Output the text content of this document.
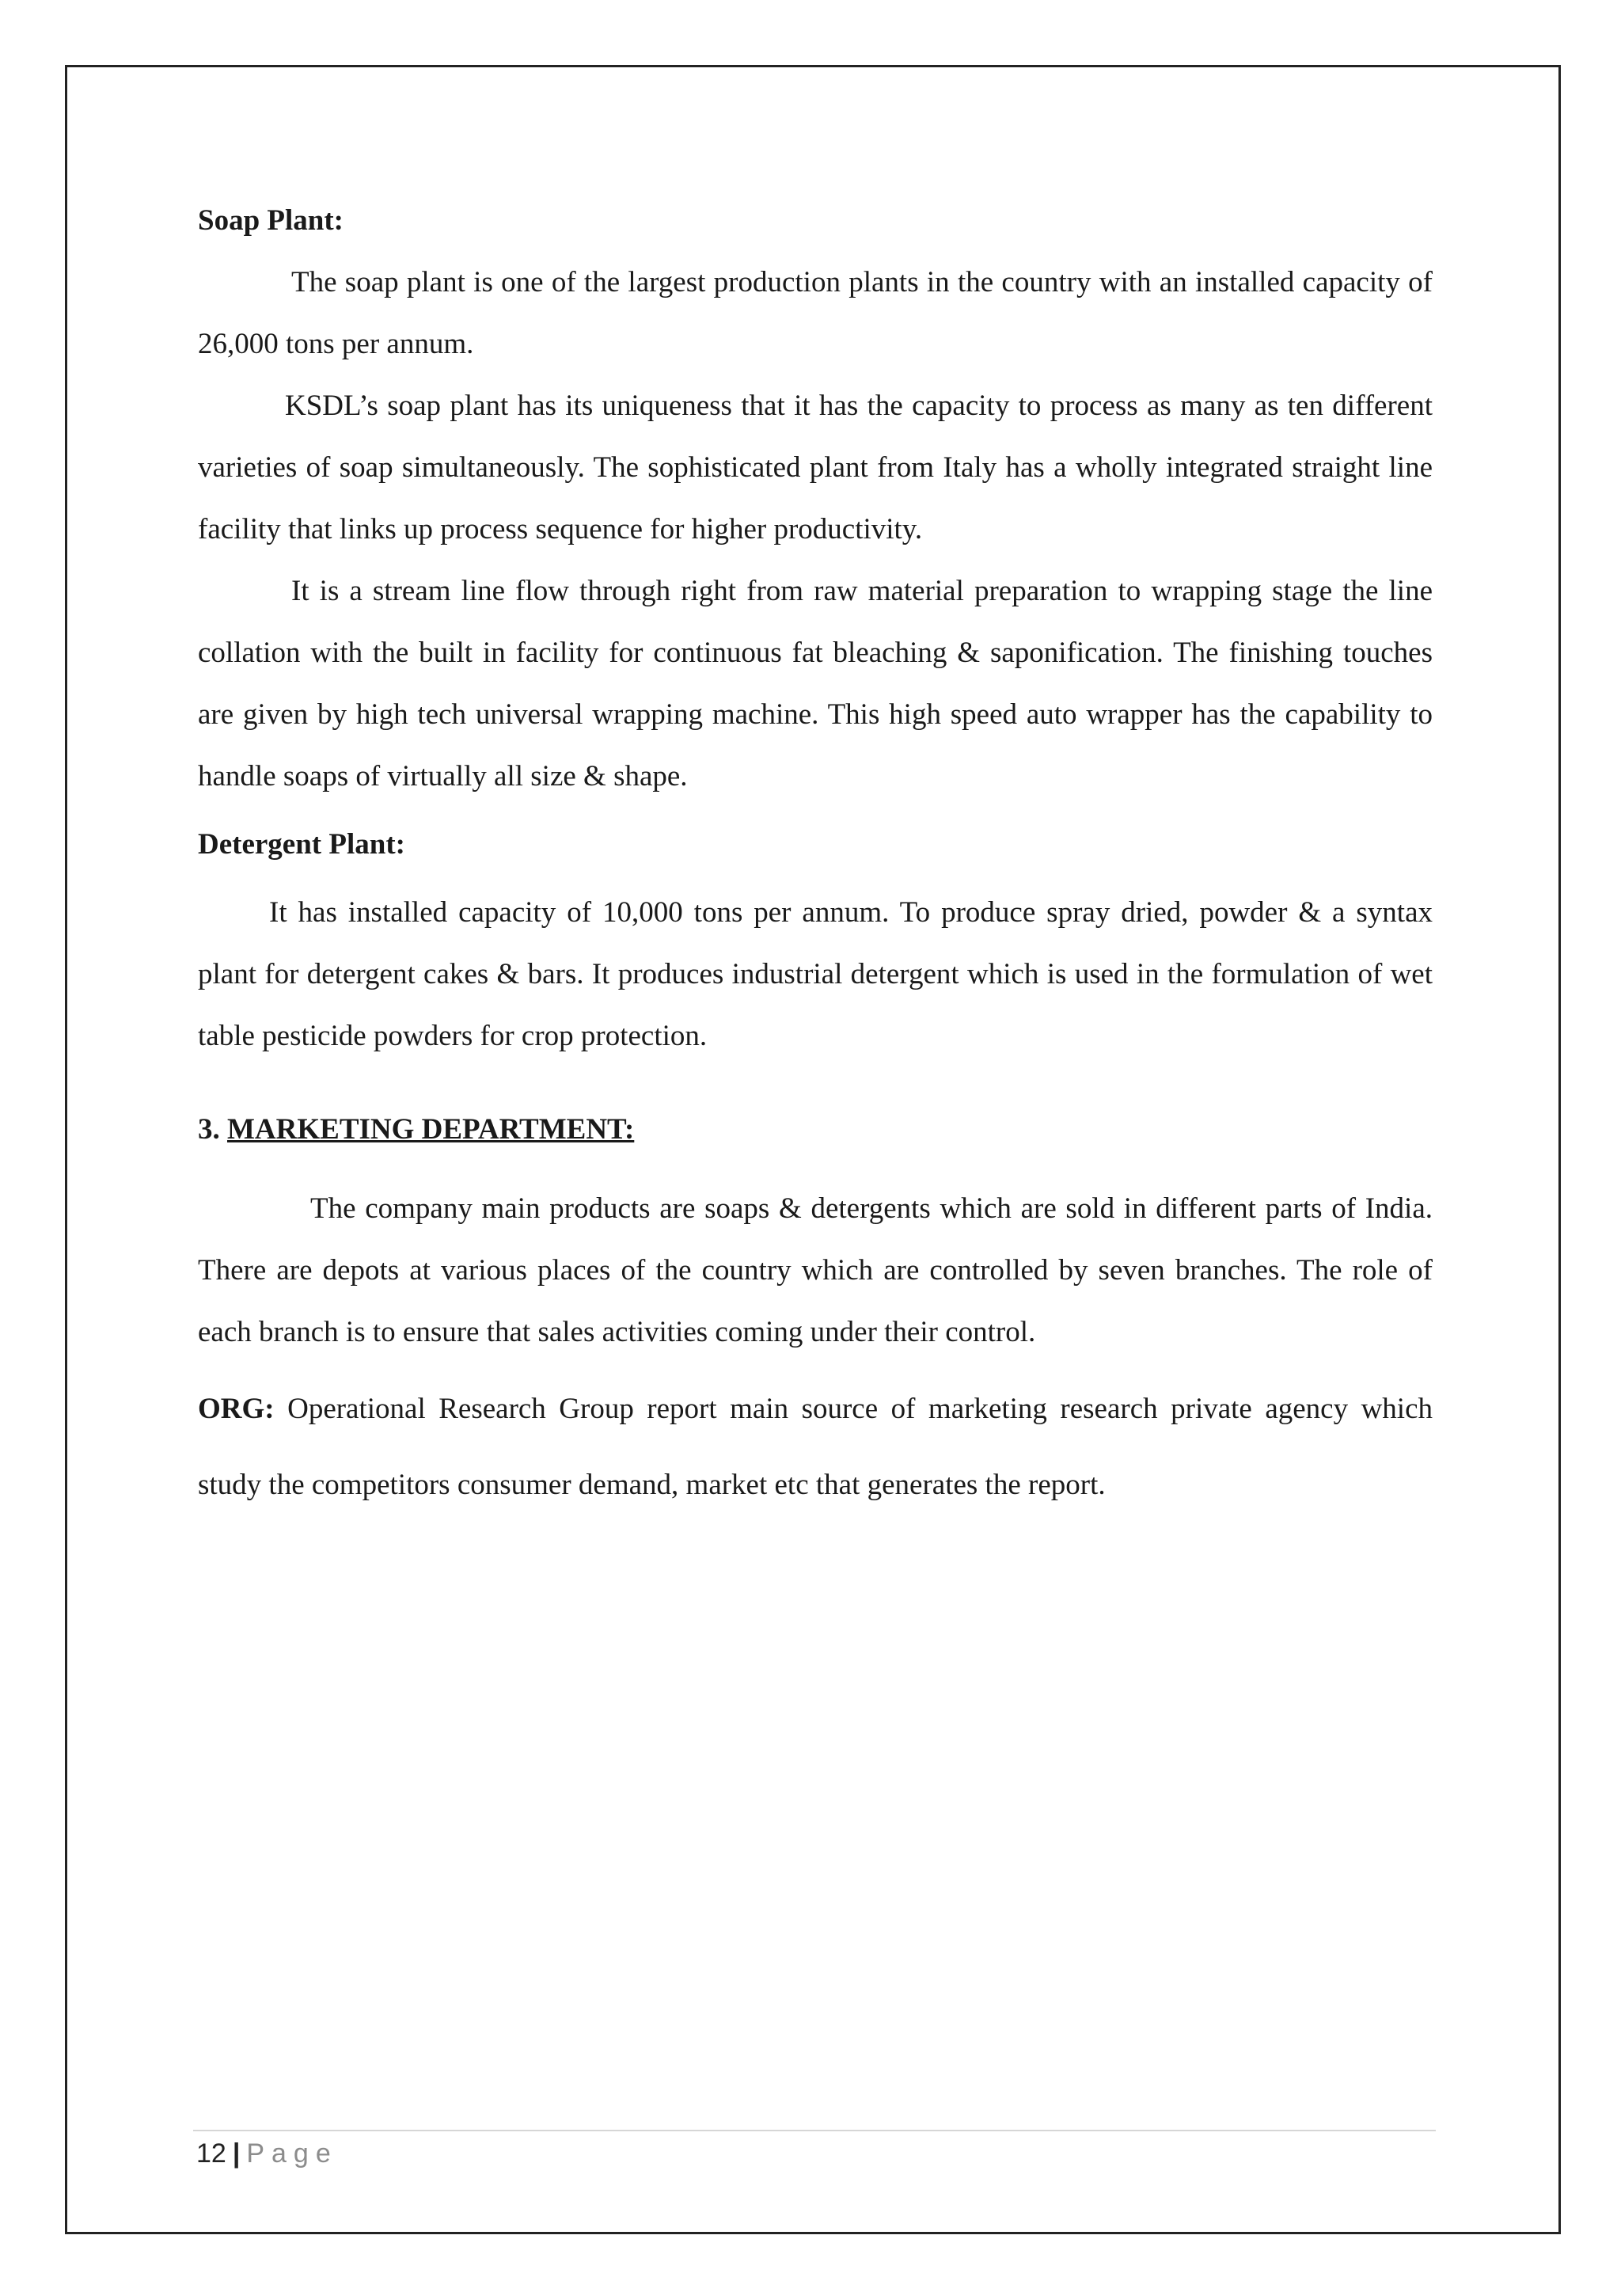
Soap Plant:

The soap plant is one of the largest production plants in the country with an installed capacity of 26,000 tons per annum.

KSDL’s soap plant has its uniqueness that it has the capacity to process as many as ten different varieties of soap simultaneously. The sophisticated plant from Italy has a wholly integrated straight line facility that links up process sequence for higher productivity.

It is a stream line flow through right from raw material preparation to wrapping stage the line collation with the built in facility for continuous fat bleaching & saponification. The finishing touches are given by high tech universal wrapping machine. This high speed auto wrapper has the capability to handle soaps of virtually all size & shape.

Detergent Plant:

It has installed capacity of 10,000 tons per annum. To produce spray dried, powder & a syntax plant for detergent cakes & bars. It produces industrial detergent which is used in the formulation of wet table pesticide powders for crop protection.

3. MARKETING DEPARTMENT:

The company main products are soaps & detergents which are sold in different parts of India. There are depots at various places of the country which are controlled by seven branches. The role of each branch is to ensure that sales activities coming under their control.

ORG: Operational Research Group report main source of marketing research private agency which study the competitors consumer demand, market etc that generates the report.

12 | Page
